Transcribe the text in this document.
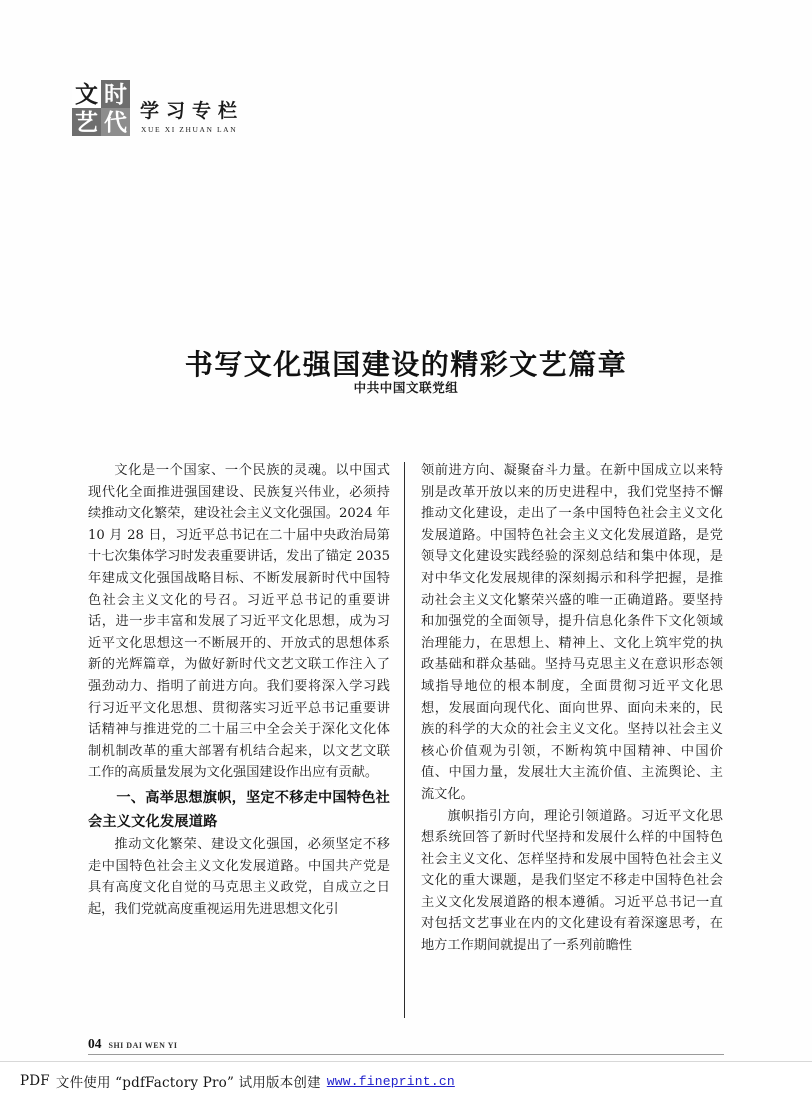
文 时
艺 代 学习专栏
XUE XI ZHUAN LAN
书写文化强国建设的精彩文艺篇章
中共中国文联党组

文化是一个国家、一个民族的灵魂。以中国式现代化全面推进强国建设、民族复兴伟业，必须持续推动文化繁荣，建设社会主义文化强国。2024 年 10 月 28 日，习近平总书记在二十届中央政治局第十七次集体学习时发表重要讲话，发出了锚定 2035 年建成文化强国战略目标、不断发展新时代中国特色社会主义文化的号召。习近平总书记的重要讲话，进一步丰富和发展了习近平文化思想，成为习近平文化思想这一不断展开的、开放式的思想体系新的光辉篇章，为做好新时代文艺文联工作注入了强劲动力、指明了前进方向。我们要将深入学习践行习近平文化思想、贯彻落实习近平总书记重要讲话精神与推进党的二十届三中全会关于深化文化体制机制改革的重大部署有机结合起来，以文艺文联工作的高质量发展为文化强国建设作出应有贡献。

一、高举思想旗帜，坚定不移走中国特色社会主义文化发展道路

推动文化繁荣、建设文化强国，必须坚定不移走中国特色社会主义文化发展道路。中国共产党是具有高度文化自觉的马克思主义政党，自成立之日起，我们党就高度重视运用先进思想文化引

领前进方向、凝聚奋斗力量。在新中国成立以来特别是改革开放以来的历史进程中，我们党坚持不懈推动文化建设，走出了一条中国特色社会主义文化发展道路。中国特色社会主义文化发展道路，是党领导文化建设实践经验的深刻总结和集中体现，是对中华文化发展规律的深刻揭示和科学把握，是推动社会主义文化繁荣兴盛的唯一正确道路。要坚持和加强党的全面领导，提升信息化条件下文化领域治理能力，在思想上、精神上、文化上筑牢党的执政基础和群众基础。坚持马克思主义在意识形态领域指导地位的根本制度，全面贯彻习近平文化思想，发展面向现代化、面向世界、面向未来的，民族的科学的大众的社会主义文化。坚持以社会主义核心价值观为引领，不断构筑中国精神、中国价值、中国力量，发展壮大主流价值、主流舆论、主流文化。

旗帜指引方向，理论引领道路。习近平文化思想系统回答了新时代坚持和发展什么样的中国特色社会主义文化、怎样坚持和发展中国特色社会主义文化的重大课题，是我们坚定不移走中国特色社会主义文化发展道路的根本遵循。习近平总书记一直对包括文艺事业在内的文化建设有着深邃思考，在地方工作期间就提出了一系列前瞻性

04 SHI DAI WEN YI
PDF 文件使用 “pdfFactory Pro” 试用版本创建 www.fineprint.cn
